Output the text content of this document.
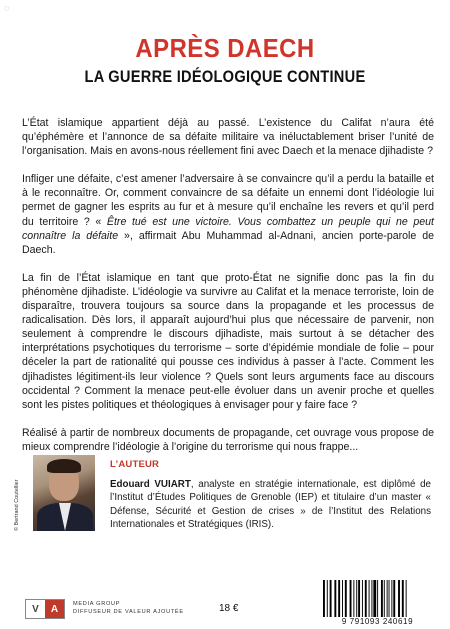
◌
APRÈS DAECH
LA GUERRE IDÉOLOGIQUE CONTINUE

L’État islamique appartient déjà au passé. L’existence du Califat n’aura été qu’éphémère et l’annonce de sa défaite militaire va inéluctablement briser l’unité de l’organisation. Mais en avons-nous réellement fini avec Daech et la menace djihadiste ?

Infliger une défaite, c’est amener l’adversaire à se convaincre qu’il a perdu la bataille et à le reconnaître. Or, comment convaincre de sa défaite un ennemi dont l’idéologie lui permet de gagner les esprits au fur et à mesure qu’il enchaîne les revers et qu’il perd du territoire ? « Être tué est une victoire. Vous combattez un peuple qui ne peut connaître la défaite », affirmait Abu Muhammad al-Adnani, ancien porte-parole de Daech.

La fin de l’État islamique en tant que proto-État ne signifie donc pas la fin du phénomène djihadiste. L’idéologie va survivre au Califat et la menace terroriste, loin de disparaître, trouvera toujours sa source dans la propagande et les processus de radicalisation. Dès lors, il apparaît aujourd’hui plus que nécessaire de parvenir, non seulement à comprendre le discours djihadiste, mais surtout à se détacher des interprétations psychotiques du terrorisme – sorte d’épidémie mondiale de folie – pour déceler la part de rationalité qui pousse ces individus à passer à l’acte. Comment les djihadistes légitiment-ils leur violence ? Quels sont leurs arguments face au discours occidental ? Comment la menace peut-elle évoluer dans un avenir proche et quelles sont les pistes politiques et théologiques à envisager pour y faire face ?

Réalisé à partir de nombreux documents de propagande, cet ouvrage vous propose de mieux comprendre l’idéologie à l’origine du terrorisme qui nous frappe...

© Bertrand Coutellier
L’AUTEUR
Edouard VUIART, analyste en stratégie internationale, est diplômé de l’Institut d’Études Politiques de Grenoble (IEP) et titulaire d’un master « Défense, Sécurité et Gestion de crises » de l’Institut des Relations Internationales et Stratégiques (IRIS).
V	A	MEDIA GROUP
DIFFUSEUR DE VALEUR AJOUTÉE	18 €
9 791093 240619
